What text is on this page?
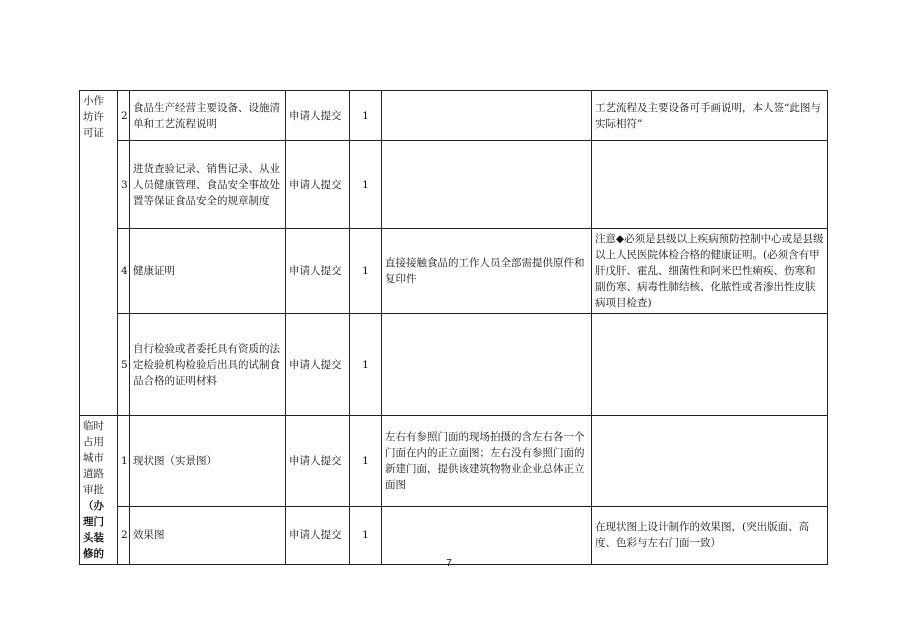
小作坊许可证	2	食品生产经营主要设备、设施清单和工艺流程说明	申请人提交	1		工艺流程及主要设备可手画说明，本人签“此图与实际相符”
	3	进货查验记录、销售记录、从业人员健康管理、食品安全事故处置等保证食品安全的规章制度	申请人提交	1		
	4	健康证明	申请人提交	1	直接接触食品的工作人员全部需提供原件和复印件	注意◆必须是县级以上疾病预防控制中心或是县级以上人民医院体检合格的健康证明。(必须含有甲肝戊肝、霍乱、细菌性和阿米巴性痢疾、伤寒和副伤寒、病毒性肺结核、化脓性或者渗出性皮肤病项目检查)
	5	自行检验或者委托具有资质的法定检验机构检验后出具的试制食品合格的证明材料	申请人提交	1		
临时占用城市道路审批（办理门头装修的	1	现状图（实景图）	申请人提交	1	左右有参照门面的现场拍摄的含左右各一个门面在内的正立面图；左右没有参照门面的新建门面，提供该建筑物物业企业总体正立面图	
	2	效果图	申请人提交	1		在现状图上设计制作的效果图，(突出版面、高度、色彩与左右门面一致）
7
